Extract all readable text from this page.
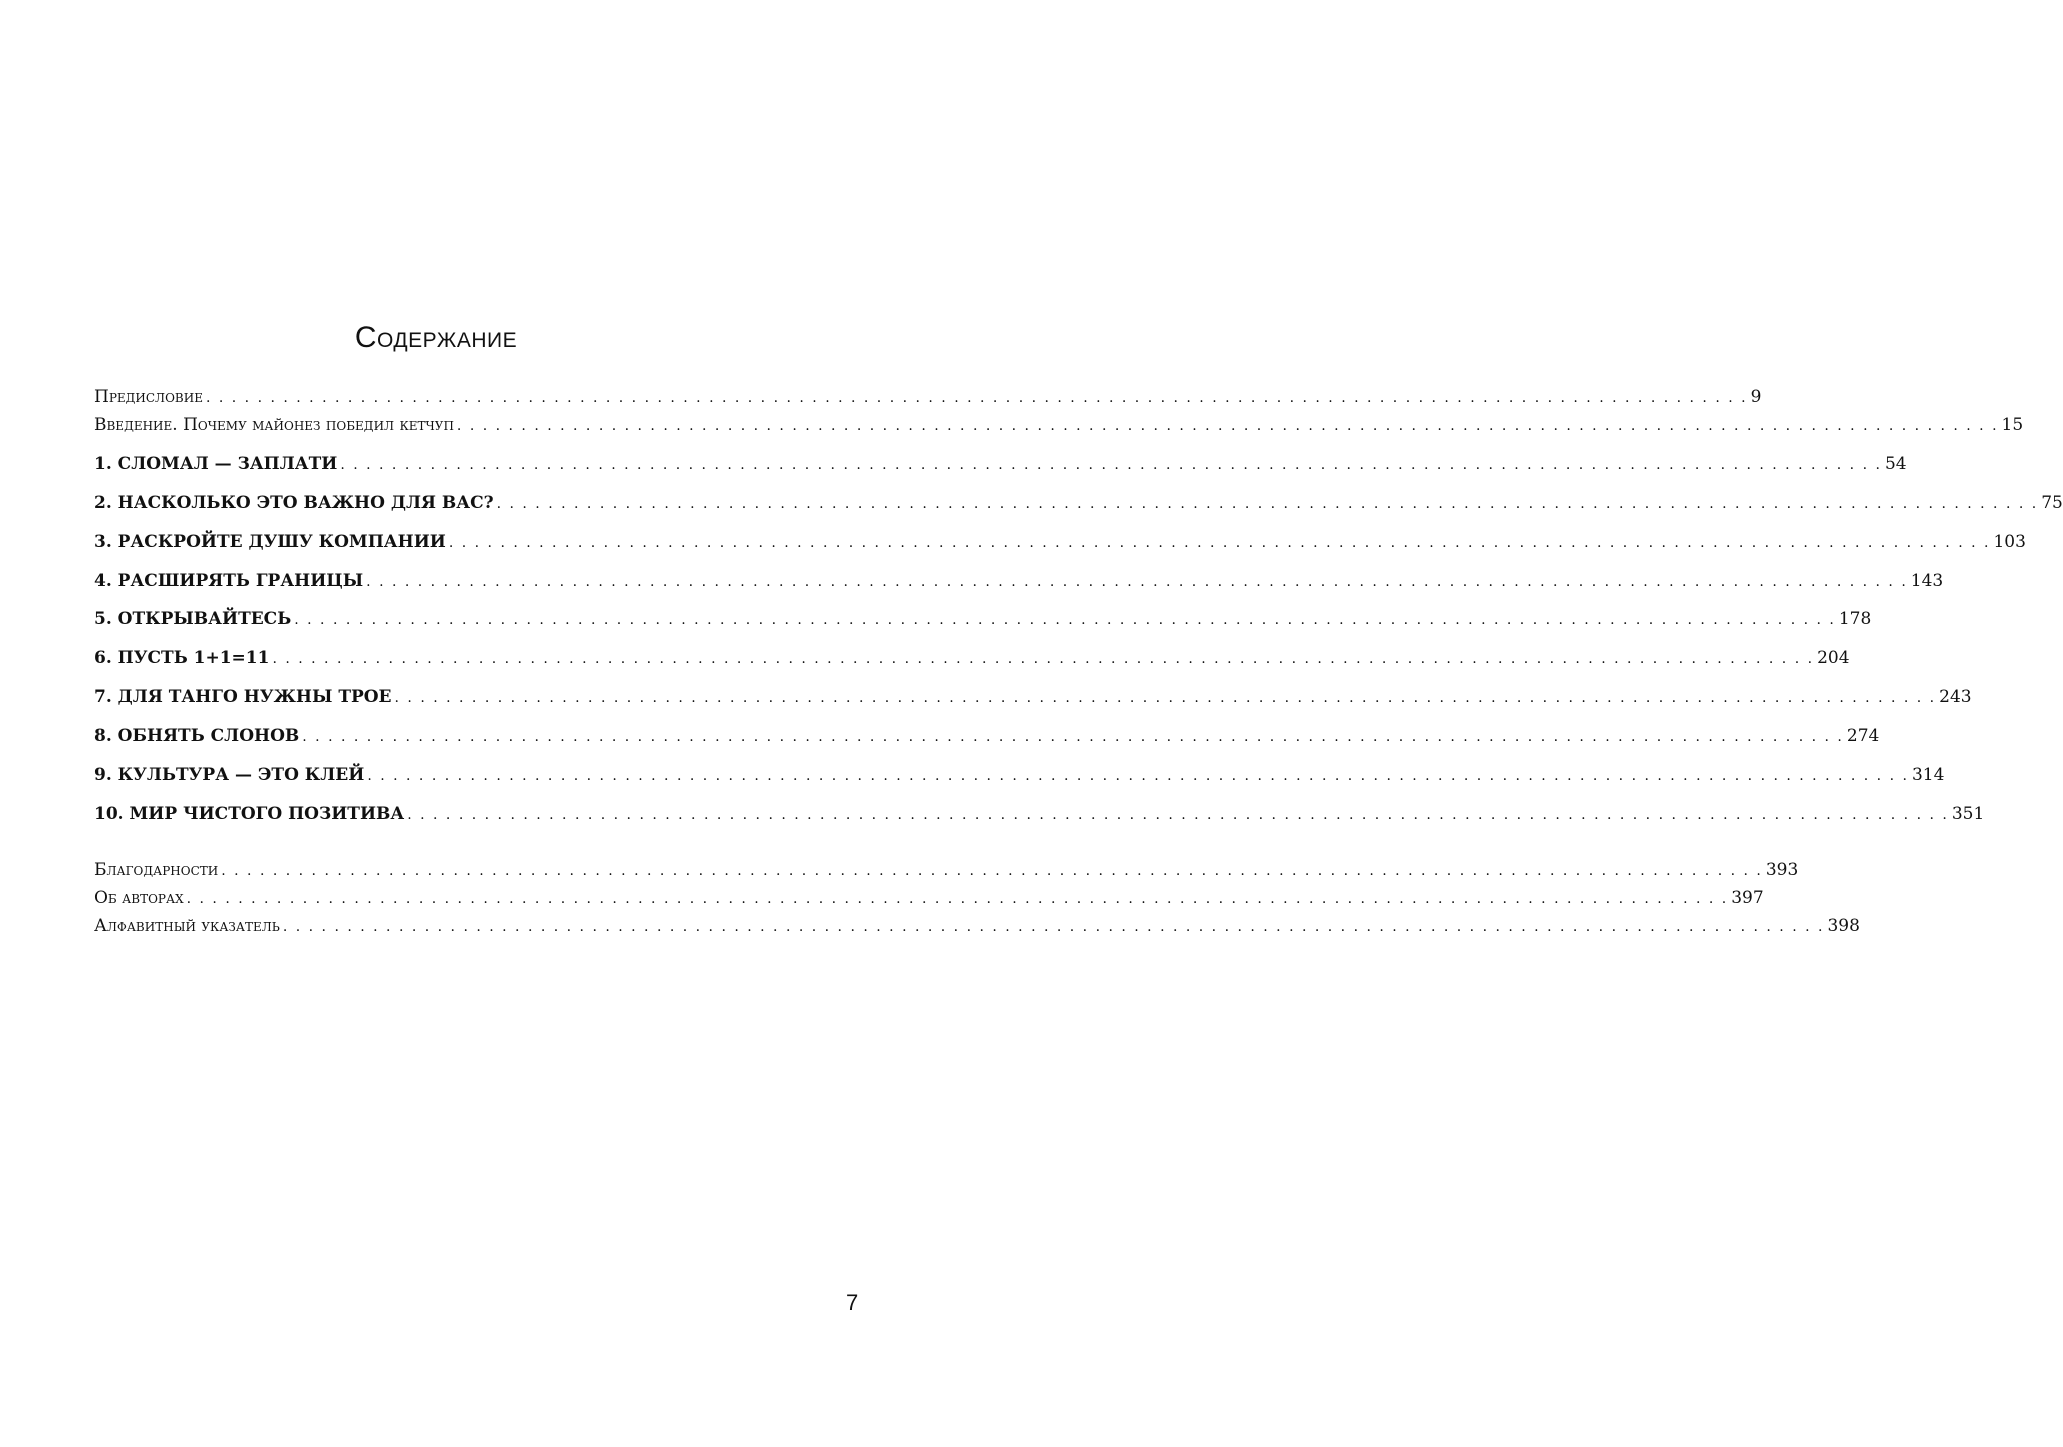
Содержание
Предисловие . . . . . . . . . . . . . . . . . . . . . . . . . . . . . . . . . . . . . . . . . . . . . . . . . . . . . . . . . . . . . . . . . . . . . . . . . . . . . . . . . . . . . . . . . . . . . . . . . . . . . . . . . . . . . . . . . . . . . . . . 9
Введение. Почему майонез победил кетчуп . . . . . . . . . . . . . . . . . . . . . . . . . . . . . . . . . . . . . . . . . . . . . . . . . . . . . . . . . . . . . . . . . . . . . . . . . . . . . . . . . . . . . . . . . . . . . . . . . . . . . . . . . . . . . . . . . . . . . . . . 15
1. СЛОМАЛ — ЗАПЛАТИ . . . . . . . . . . . . . . . . . . . . . . . . . . . . . . . . . . . . . . . . . . . . . . . . . . . . . . . . . . . . . . . . . . . . . . . . . . . . . . . . . . . . . . . . . . . . . . . . . . . . . . . . . . . . . . . . . . . . . . . . 54
2. НАСКОЛЬКО ЭТО ВАЖНО ДЛЯ ВАС? . . . . . . . . . . . . . . . . . . . . . . . . . . . . . . . . . . . . . . . . . . . . . . . . . . . . . . . . . . . . . . . . . . . . . . . . . . . . . . . . . . . . . . . . . . . . . . . . . . . . . . . . . . . . . . . . . . . . . . . . 75
3. РАСКРОЙТЕ ДУШУ КОМПАНИИ . . . . . . . . . . . . . . . . . . . . . . . . . . . . . . . . . . . . . . . . . . . . . . . . . . . . . . . . . . . . . . . . . . . . . . . . . . . . . . . . . . . . . . . . . . . . . . . . . . . . . . . . . . . . . . . . . . . . . . . . 103
4. РАСШИРЯТЬ ГРАНИЦЫ . . . . . . . . . . . . . . . . . . . . . . . . . . . . . . . . . . . . . . . . . . . . . . . . . . . . . . . . . . . . . . . . . . . . . . . . . . . . . . . . . . . . . . . . . . . . . . . . . . . . . . . . . . . . . . . . . . . . . . . . 143
5. ОТКРЫВАЙТЕСЬ . . . . . . . . . . . . . . . . . . . . . . . . . . . . . . . . . . . . . . . . . . . . . . . . . . . . . . . . . . . . . . . . . . . . . . . . . . . . . . . . . . . . . . . . . . . . . . . . . . . . . . . . . . . . . . . . . . . . . . . . 178
6. ПУСТЬ 1+1=11 . . . . . . . . . . . . . . . . . . . . . . . . . . . . . . . . . . . . . . . . . . . . . . . . . . . . . . . . . . . . . . . . . . . . . . . . . . . . . . . . . . . . . . . . . . . . . . . . . . . . . . . . . . . . . . . . . . . . . . . . 204
7. ДЛЯ ТАНГО НУЖНЫ ТРОЕ . . . . . . . . . . . . . . . . . . . . . . . . . . . . . . . . . . . . . . . . . . . . . . . . . . . . . . . . . . . . . . . . . . . . . . . . . . . . . . . . . . . . . . . . . . . . . . . . . . . . . . . . . . . . . . . . . . . . . . . . 243
8. ОБНЯТЬ СЛОНОВ . . . . . . . . . . . . . . . . . . . . . . . . . . . . . . . . . . . . . . . . . . . . . . . . . . . . . . . . . . . . . . . . . . . . . . . . . . . . . . . . . . . . . . . . . . . . . . . . . . . . . . . . . . . . . . . . . . . . . . . . 274
9. КУЛЬТУРА — ЭТО КЛЕЙ . . . . . . . . . . . . . . . . . . . . . . . . . . . . . . . . . . . . . . . . . . . . . . . . . . . . . . . . . . . . . . . . . . . . . . . . . . . . . . . . . . . . . . . . . . . . . . . . . . . . . . . . . . . . . . . . . . . . . . . . 314
10. МИР ЧИСТОГО ПОЗИТИВА . . . . . . . . . . . . . . . . . . . . . . . . . . . . . . . . . . . . . . . . . . . . . . . . . . . . . . . . . . . . . . . . . . . . . . . . . . . . . . . . . . . . . . . . . . . . . . . . . . . . . . . . . . . . . . . . . . . . . . . . 351
Благодарности . . . . . . . . . . . . . . . . . . . . . . . . . . . . . . . . . . . . . . . . . . . . . . . . . . . . . . . . . . . . . . . . . . . . . . . . . . . . . . . . . . . . . . . . . . . . . . . . . . . . . . . . . . . . . . . . . . . . . . . . 393
Об авторах . . . . . . . . . . . . . . . . . . . . . . . . . . . . . . . . . . . . . . . . . . . . . . . . . . . . . . . . . . . . . . . . . . . . . . . . . . . . . . . . . . . . . . . . . . . . . . . . . . . . . . . . . . . . . . . . . . . . . . . . 397
Алфавитный указатель . . . . . . . . . . . . . . . . . . . . . . . . . . . . . . . . . . . . . . . . . . . . . . . . . . . . . . . . . . . . . . . . . . . . . . . . . . . . . . . . . . . . . . . . . . . . . . . . . . . . . . . . . . . . . . . . . . . . . . . . 398
7
